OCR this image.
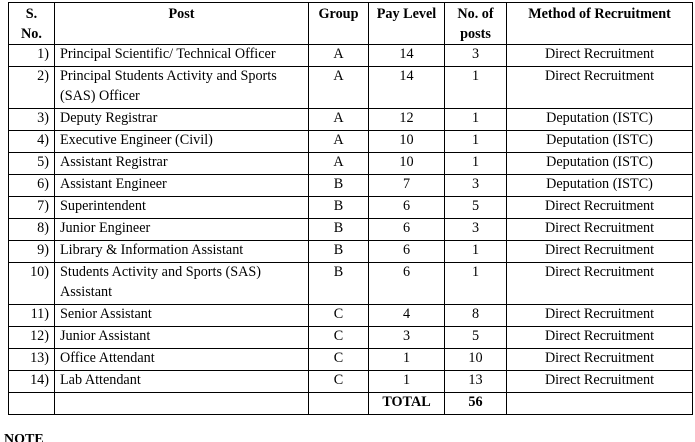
S. No.	Post	Group	Pay Level	No. of posts	Method of Recruitment
1)	Principal Scientific/ Technical Officer	A	14	3	Direct Recruitment
2)	Principal Students Activity and Sports (SAS) Officer	A	14	1	Direct Recruitment
3)	Deputy Registrar	A	12	1	Deputation (ISTC)
4)	Executive Engineer (Civil)	A	10	1	Deputation (ISTC)
5)	Assistant Registrar	A	10	1	Deputation (ISTC)
6)	Assistant Engineer	B	7	3	Deputation (ISTC)
7)	Superintendent	B	6	5	Direct Recruitment
8)	Junior Engineer	B	6	3	Direct Recruitment
9)	Library & Information Assistant	B	6	1	Direct Recruitment
10)	Students Activity and Sports (SAS) Assistant	B	6	1	Direct Recruitment
11)	Senior Assistant	C	4	8	Direct Recruitment
12)	Junior Assistant	C	3	5	Direct Recruitment
13)	Office Attendant	C	1	10	Direct Recruitment
14)	Lab Attendant	C	1	13	Direct Recruitment
			TOTAL	56	
NOTE
